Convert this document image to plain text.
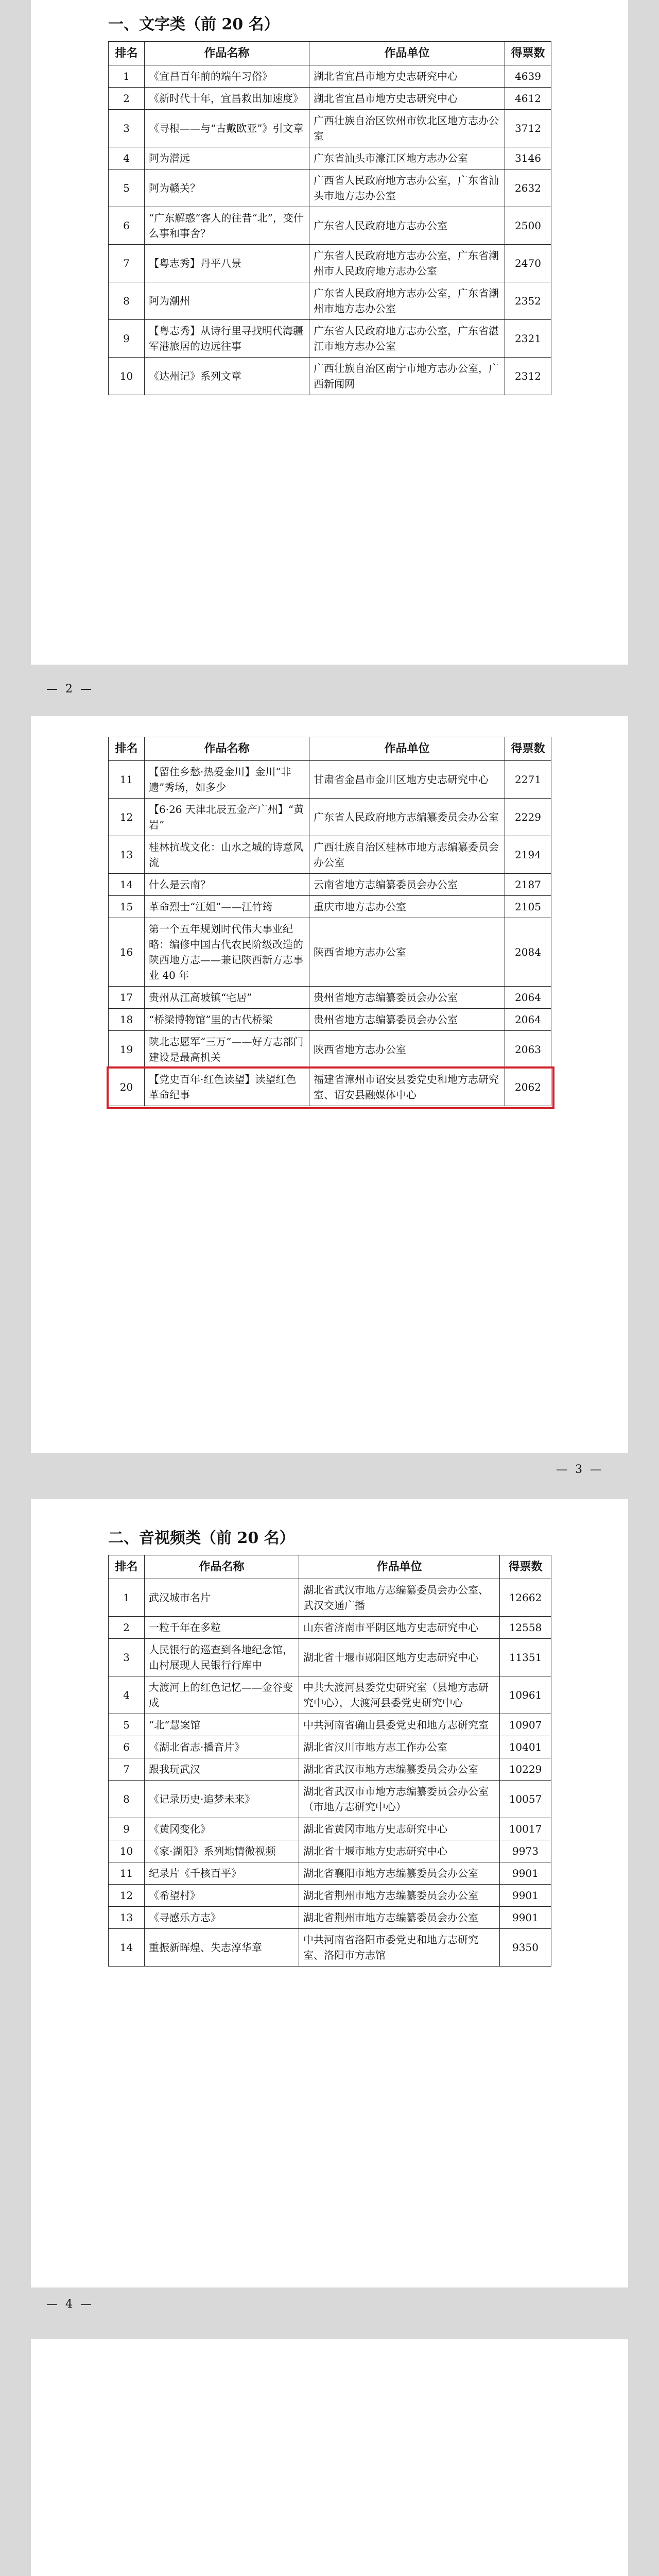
一、文字类（前 20 名）
排名	作品名称	作品单位	得票数
1	《宜昌百年前的端午习俗》	湖北省宜昌市地方史志研究中心	4639
2	《新时代十年，宜昌救出加速度》	湖北省宜昌市地方史志研究中心	4612
3	《寻根——与“古戴欧亚”》引文章	广西壮族自治区钦州市钦北区地方志办公室	3712
4	阿为潜远	广东省汕头市濠江区地方志办公室	3146
5	阿为赣关？	广西省人民政府地方志办公室，广东省汕头市地方志办公室	2632
6	“广东解惑”客人的往昔“北”，变什么事和事舍？	广东省人民政府地方志办公室	2500
7	【粤志秀】丹平八景	广东省人民政府地方志办公室，广东省潮州市人民政府地方志办公室	2470
8	阿为潮州	广东省人民政府地方志办公室，广东省潮州市地方志办公室	2352
9	【粤志秀】从诗行里寻找明代海疆军港旅居的边远往事	广东省人民政府地方志办公室，广东省湛江市地方志办公室	2321
10	《达州记》系列文章	广西壮族自治区南宁市地方志办公室，广西新闻网	2312
— 2 —
排名	作品名称	作品单位	得票数
11	【留住乡愁·热爱金川】金川“非遗”秀场，如多少	甘肃省金昌市金川区地方史志研究中心	2271
12	【6·26 天津北辰五金产广州】“黄岩”	广东省人民政府地方志编纂委员会办公室	2229
13	桂林抗战文化：山水之城的诗意风流	广西壮族自治区桂林市地方志编纂委员会办公室	2194
14	什么是云南？	云南省地方志编纂委员会办公室	2187
15	革命烈士“江姐”——江竹筠	重庆市地方志办公室	2105
16	第一个五年规划时代伟大事业纪略：编修中国古代农民阶级改造的陕西地方志——兼记陕西新方志事业 40 年	陕西省地方志办公室	2084
17	贵州从江高坡镇“宅居”	贵州省地方志编纂委员会办公室	2064
18	“桥梁博物馆”里的古代桥梁	贵州省地方志编纂委员会办公室	2064
19	陕北志愿军“三万”——好方志部门建设是最高机关	陕西省地方志办公室	2063
20	【党史百年·红色读望】读望红色革命纪事	福建省漳州市诏安县委党史和地方志研究室、诏安县融媒体中心	2062
— 3 —
二、音视频类（前 20 名）
排名	作品名称	作品单位	得票数
1	武汉城市名片	湖北省武汉市地方志编纂委员会办公室、武汉交通广播	12662
2	一粒千年在多粒	山东省济南市平阴区地方史志研究中心	12558
3	人民银行的巡查到各地纪念馆，山村展现人民银行行库中	湖北省十堰市郧阳区地方史志研究中心	11351
4	大渡河上的红色记忆——金谷变成	中共大渡河县委党史研究室（县地方志研究中心），大渡河县委党史研究中心	10961
5	“北”慧案馆	中共河南省确山县委党史和地方志研究室	10907
6	《湖北省志·播音片》	湖北省汉川市地方志工作办公室	10401
7	跟我玩武汉	湖北省武汉市地方志编纂委员会办公室	10229
8	《记录历史·追梦未来》	湖北省武汉市市地方志编纂委员会办公室（市地方志研究中心）	10057
9	《黄冈变化》	湖北省黄冈市地方史志研究中心	10017
10	《家·湖阳》系列地情微视频	湖北省十堰市地方史志研究中心	9973
11	纪录片《千核百平》	湖北省襄阳市地方志编纂委员会办公室	9901
12	《希望村》	湖北省荆州市地方志编纂委员会办公室	9901
13	《寻感乐方志》	湖北省荆州市地方志编纂委员会办公室	9901
14	重振新晖煌、失志淳华章	中共河南省洛阳市委党史和地方志研究室、洛阳市方志馆	9350
— 4 —
